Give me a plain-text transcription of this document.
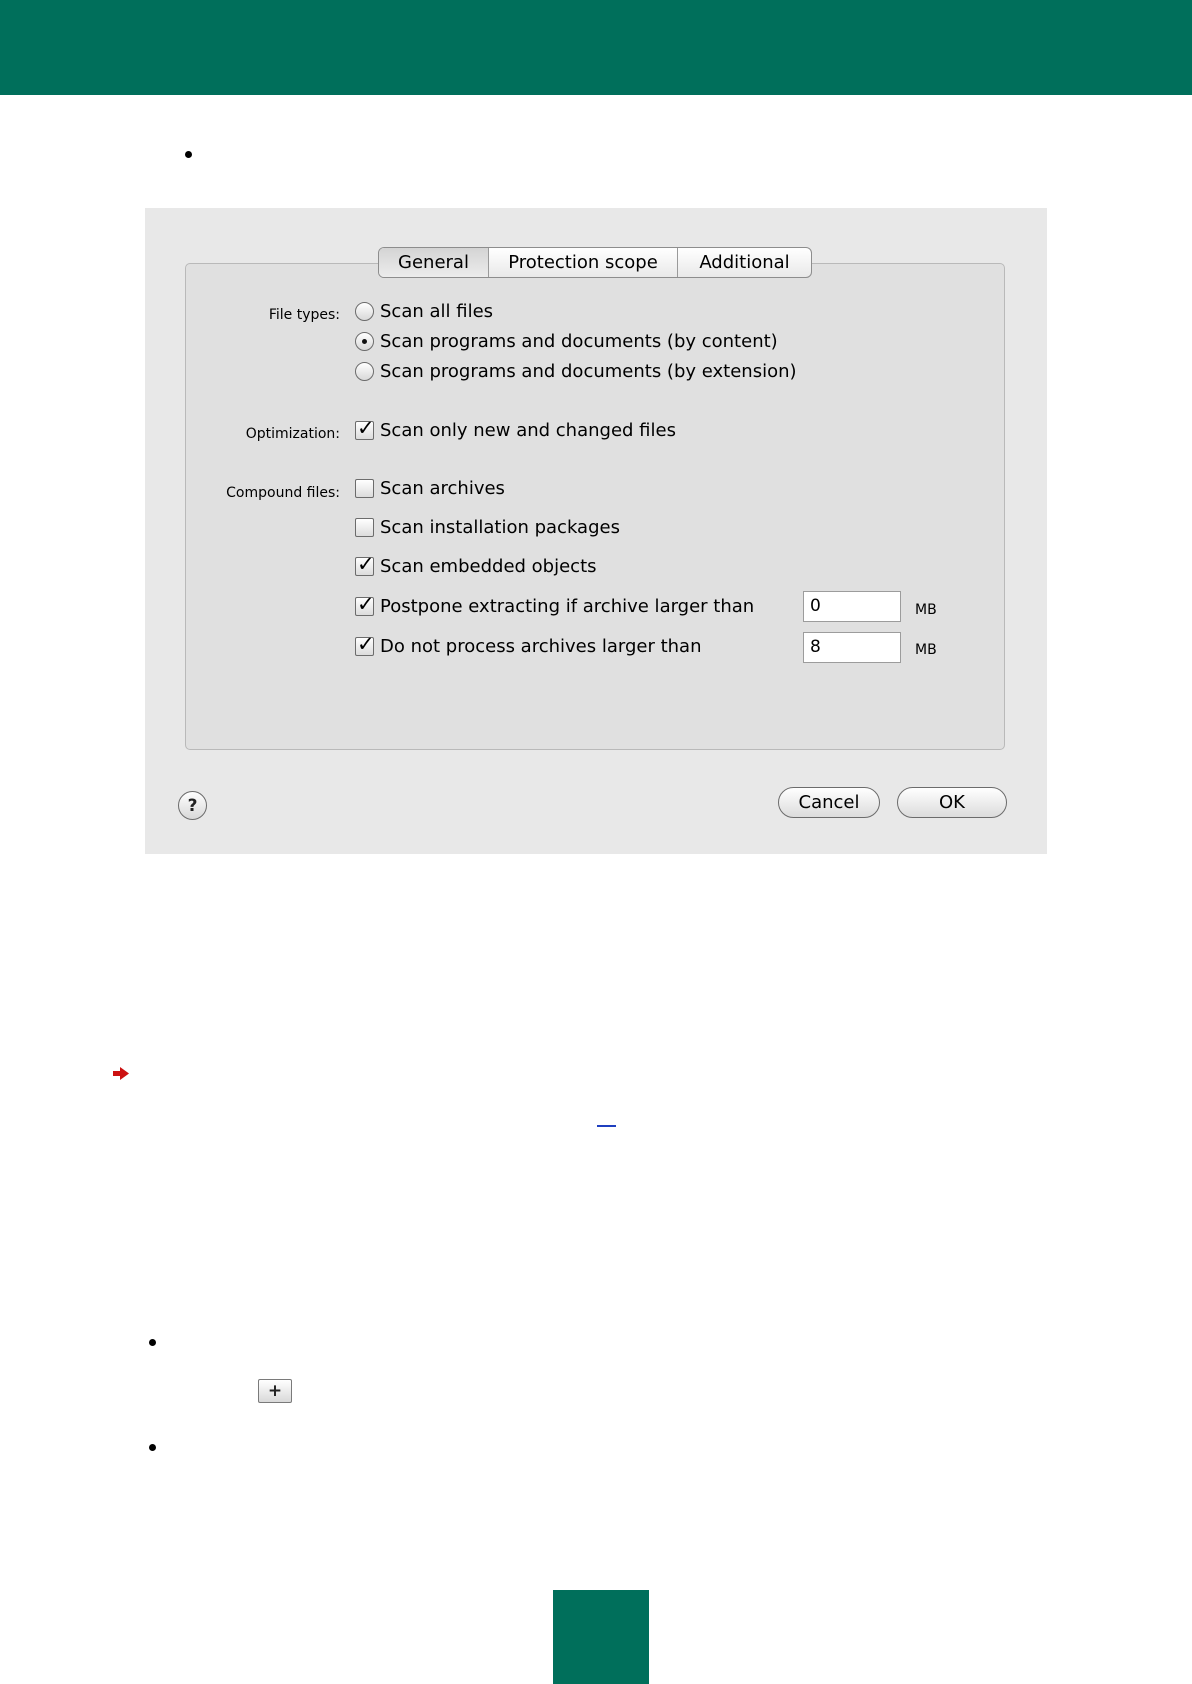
General	Protection scope	Additional
File types: Scan all files
Scan programs and documents (by content)
Scan programs and documents (by extension)
Optimization:
✓ Scan only new and changed files
Compound files: Scan archives
Scan installation packages
✓
Scan embedded objects
✓
Postpone extracting if archive larger than	0	MB
✓
Do not process archives larger than	8	MB
?	Cancel	OK
+
